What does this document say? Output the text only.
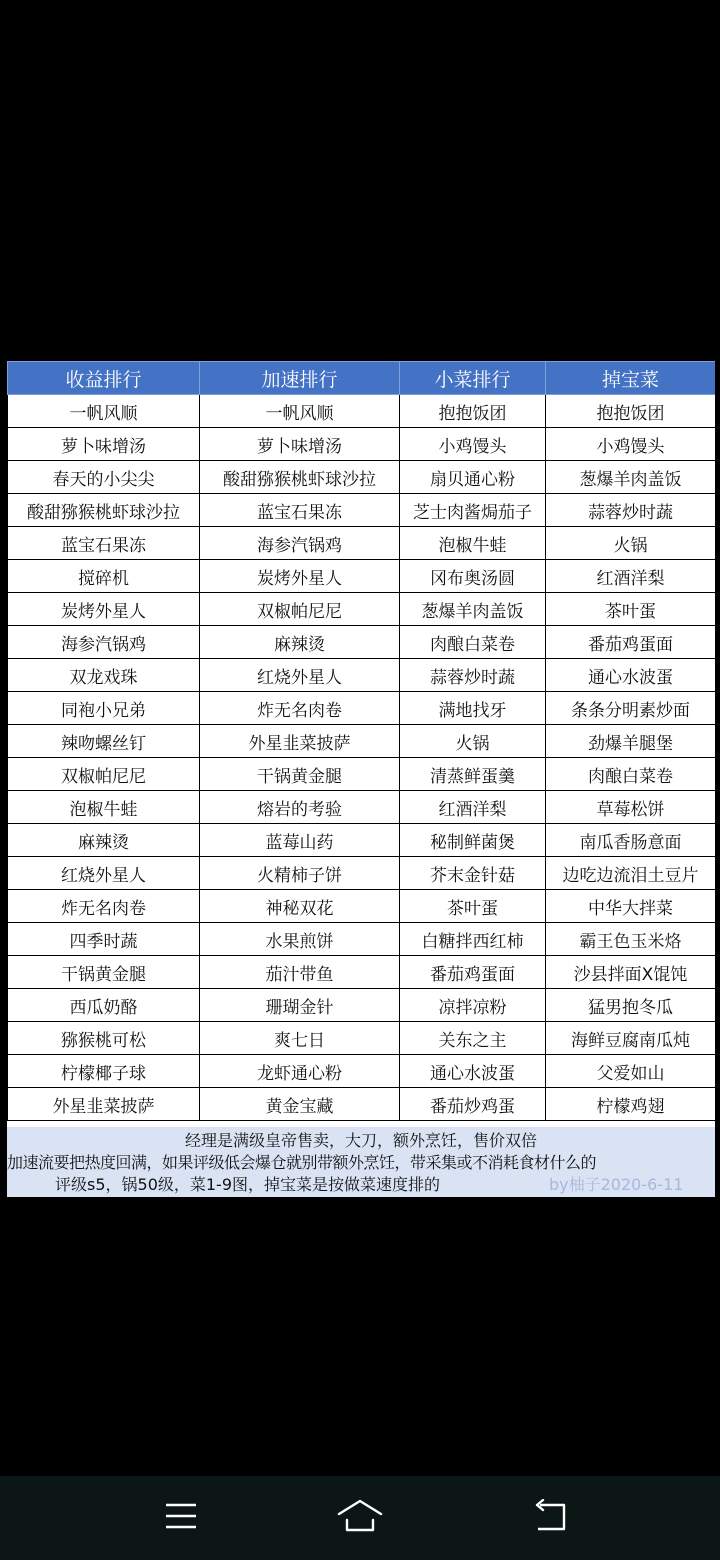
收益排行	加速排行	小菜排行	掉宝菜
一帆风顺	一帆风顺	抱抱饭团	抱抱饭团
萝卜味增汤	萝卜味增汤	小鸡馒头	小鸡馒头
春天的小尖尖	酸甜猕猴桃虾球沙拉	扇贝通心粉	葱爆羊肉盖饭
酸甜猕猴桃虾球沙拉	蓝宝石果冻	芝士肉酱焗茄子	蒜蓉炒时蔬
蓝宝石果冻	海参汽锅鸡	泡椒牛蛙	火锅
搅碎机	炭烤外星人	冈布奥汤圆	红酒洋梨
炭烤外星人	双椒帕尼尼	葱爆羊肉盖饭	茶叶蛋
海参汽锅鸡	麻辣烫	肉酿白菜卷	番茄鸡蛋面
双龙戏珠	红烧外星人	蒜蓉炒时蔬	通心水波蛋
同袍小兄弟	炸无名肉卷	满地找牙	条条分明素炒面
辣吻螺丝钉	外星韭菜披萨	火锅	劲爆羊腿堡
双椒帕尼尼	干锅黄金腿	清蒸鲜蛋羹	肉酿白菜卷
泡椒牛蛙	熔岩的考验	红酒洋梨	草莓松饼
麻辣烫	蓝莓山药	秘制鲜菌煲	南瓜香肠意面
红烧外星人	火精柿子饼	芥末金针菇	边吃边流泪土豆片
炸无名肉卷	神秘双花	茶叶蛋	中华大拌菜
四季时蔬	水果煎饼	白糖拌西红柿	霸王色玉米烙
干锅黄金腿	茄汁带鱼	番茄鸡蛋面	沙县拌面X馄饨
西瓜奶酪	珊瑚金针	凉拌凉粉	猛男抱冬瓜
猕猴桃可松	爽七日	关东之主	海鲜豆腐南瓜炖
柠檬椰子球	龙虾通心粉	通心水波蛋	父爱如山
外星韭菜披萨	黄金宝藏	番茄炒鸡蛋	柠檬鸡翅
经理是满级皇帝售卖，大刀，额外烹饪，售价双倍
加速流要把热度回满，如果评级低会爆仓就别带额外烹饪，带采集或不消耗食材什么的
评级s5，锅50级，菜1-9图，掉宝菜是按做菜速度排的	by柚子2020-6-11
